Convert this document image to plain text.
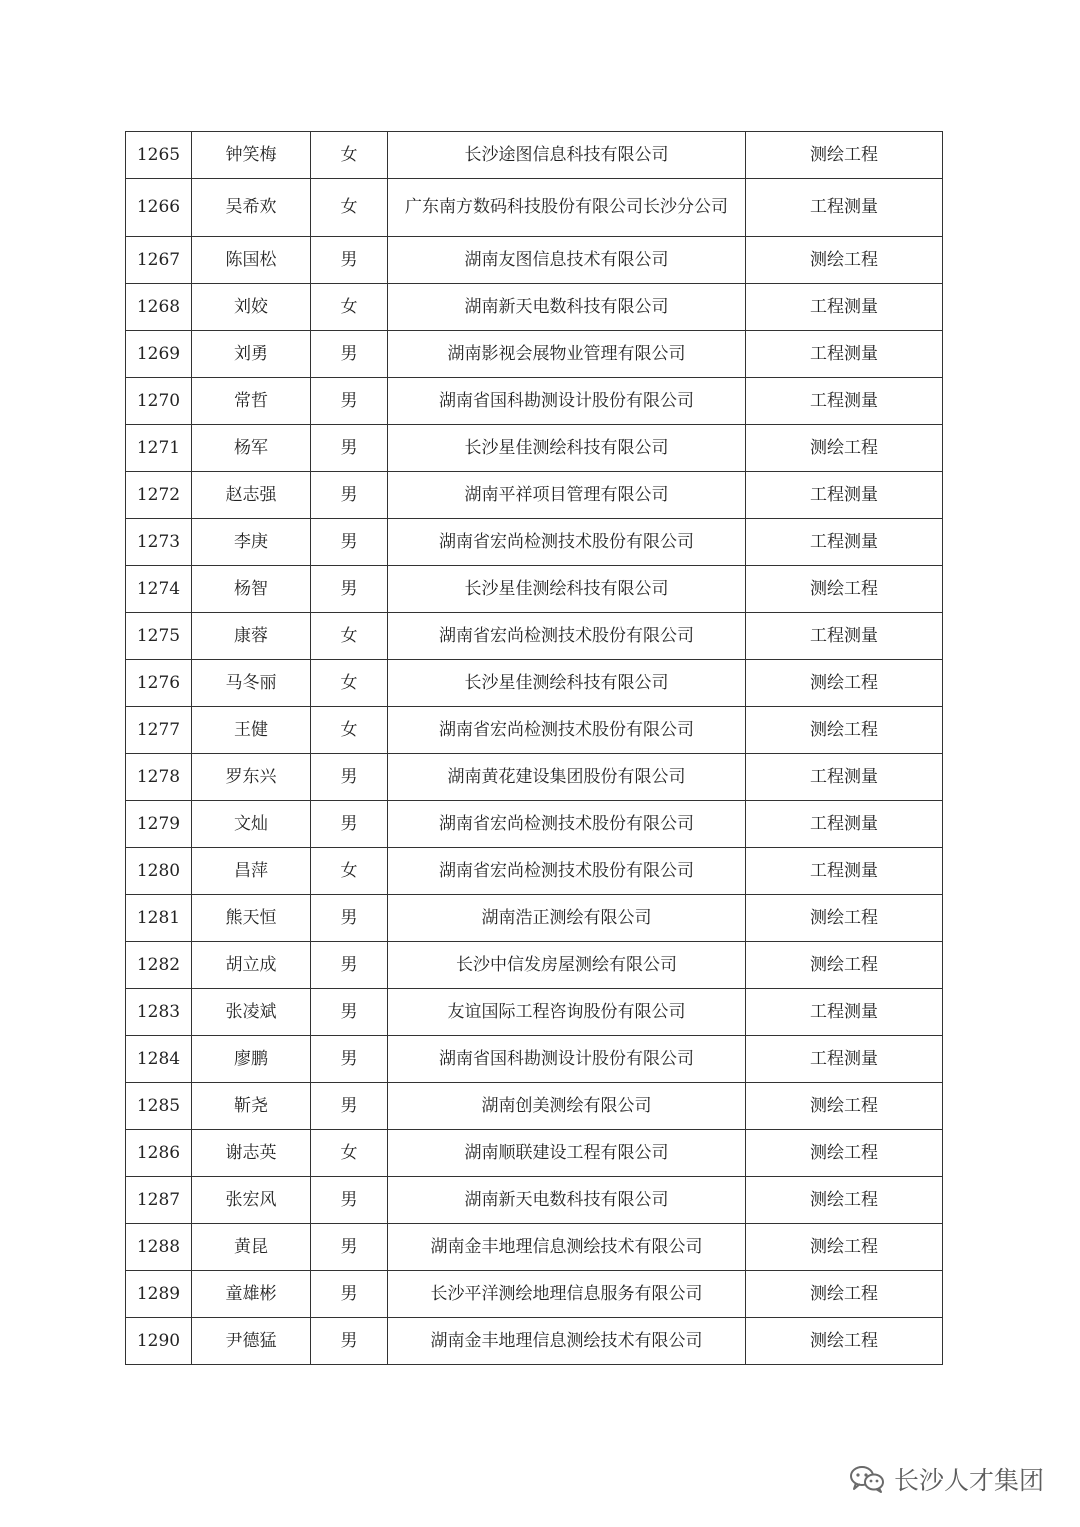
1265	钟笑梅	女	长沙途图信息科技有限公司	测绘工程
1266	吴希欢	女	广东南方数码科技股份有限公司长沙分公司	工程测量
1267	陈国松	男	湖南友图信息技术有限公司	测绘工程
1268	刘姣	女	湖南新天电数科技有限公司	工程测量
1269	刘勇	男	湖南影视会展物业管理有限公司	工程测量
1270	常哲	男	湖南省国科勘测设计股份有限公司	工程测量
1271	杨军	男	长沙星佳测绘科技有限公司	测绘工程
1272	赵志强	男	湖南平祥项目管理有限公司	工程测量
1273	李庚	男	湖南省宏尚检测技术股份有限公司	工程测量
1274	杨智	男	长沙星佳测绘科技有限公司	测绘工程
1275	康蓉	女	湖南省宏尚检测技术股份有限公司	工程测量
1276	马冬丽	女	长沙星佳测绘科技有限公司	测绘工程
1277	王健	女	湖南省宏尚检测技术股份有限公司	测绘工程
1278	罗东兴	男	湖南黄花建设集团股份有限公司	工程测量
1279	文灿	男	湖南省宏尚检测技术股份有限公司	工程测量
1280	昌萍	女	湖南省宏尚检测技术股份有限公司	工程测量
1281	熊天恒	男	湖南浩正测绘有限公司	测绘工程
1282	胡立成	男	长沙中信发房屋测绘有限公司	测绘工程
1283	张凌斌	男	友谊国际工程咨询股份有限公司	工程测量
1284	廖鹏	男	湖南省国科勘测设计股份有限公司	工程测量
1285	靳尧	男	湖南创美测绘有限公司	测绘工程
1286	谢志英	女	湖南顺联建设工程有限公司	测绘工程
1287	张宏风	男	湖南新天电数科技有限公司	测绘工程
1288	黄昆	男	湖南金丰地理信息测绘技术有限公司	测绘工程
1289	童雄彬	男	长沙平洋测绘地理信息服务有限公司	测绘工程
1290	尹德猛	男	湖南金丰地理信息测绘技术有限公司	测绘工程
长沙人才集团
